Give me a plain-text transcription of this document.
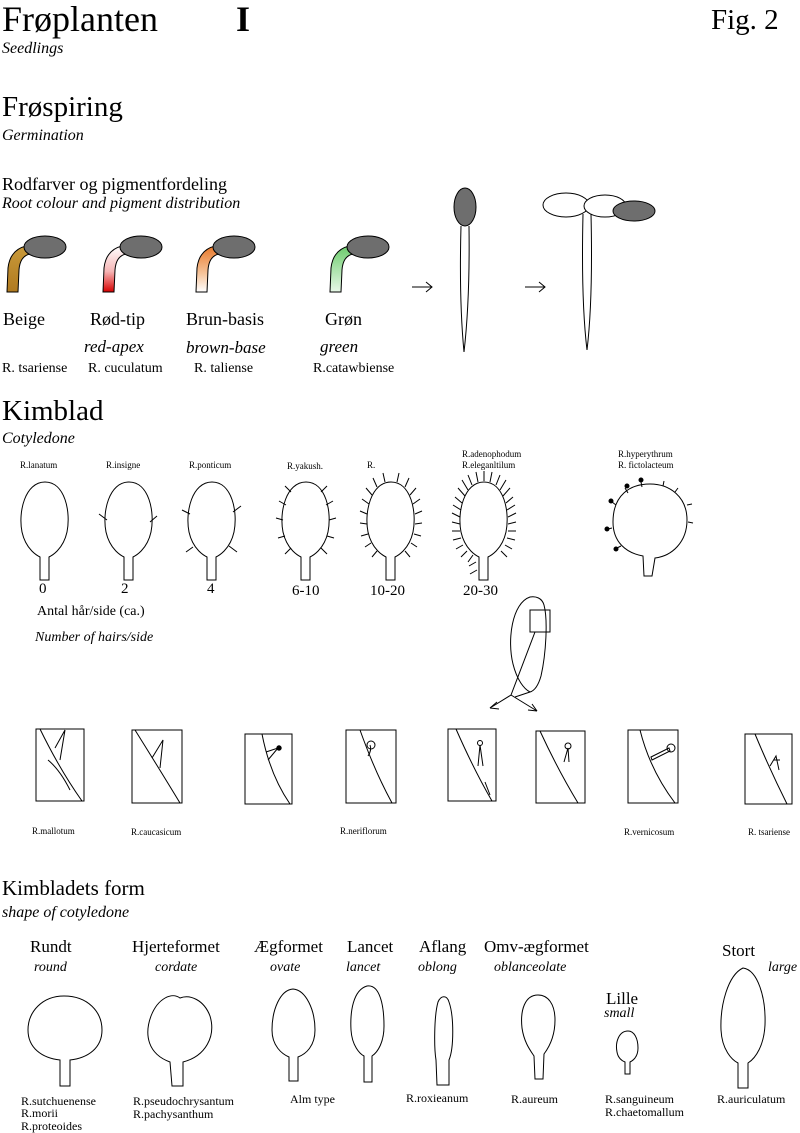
Frøplanten I	Fig. 2
Seedlings
Frøspiring
Germination
Rodfarver og pigmentfordeling
Root colour and pigment distribution
Beige	Rød-tip Brun-basis	Grøn
red-apex brown-base	green
R. tsariense R. cuculatum R. taliense	R.catawbiense
Kimblad
Cotyledone
R.lanatum	R.insigne	R.ponticum	R.yakush.	R.
R.adenophodum
R.eleganltilum
R.hyperythrum
R. fictolacteum
0	2	4	6-10	10-20	20-30
Antal hår/side (ca.)
Number of hairs/side
R.mallotum	R.caucasicum	R.neriflorum	R.vernicosum	R. tsariense
Kimbladets form
shape of cotyledone
Rundt	Hjerteformet Ægformet Lancet Aflang Omv-ægformet
Lille
Stort
round	cordate	ovate	lancet	oblong	oblanceolate
small
large
R.sutchuenense
R.morii
R.proteoides
R.pseudochrysantum
R.pachysanthum
Alm type	R.roxieanum	R.aureum	R.sanguineum
R.chaetomallum
R.auriculatum
